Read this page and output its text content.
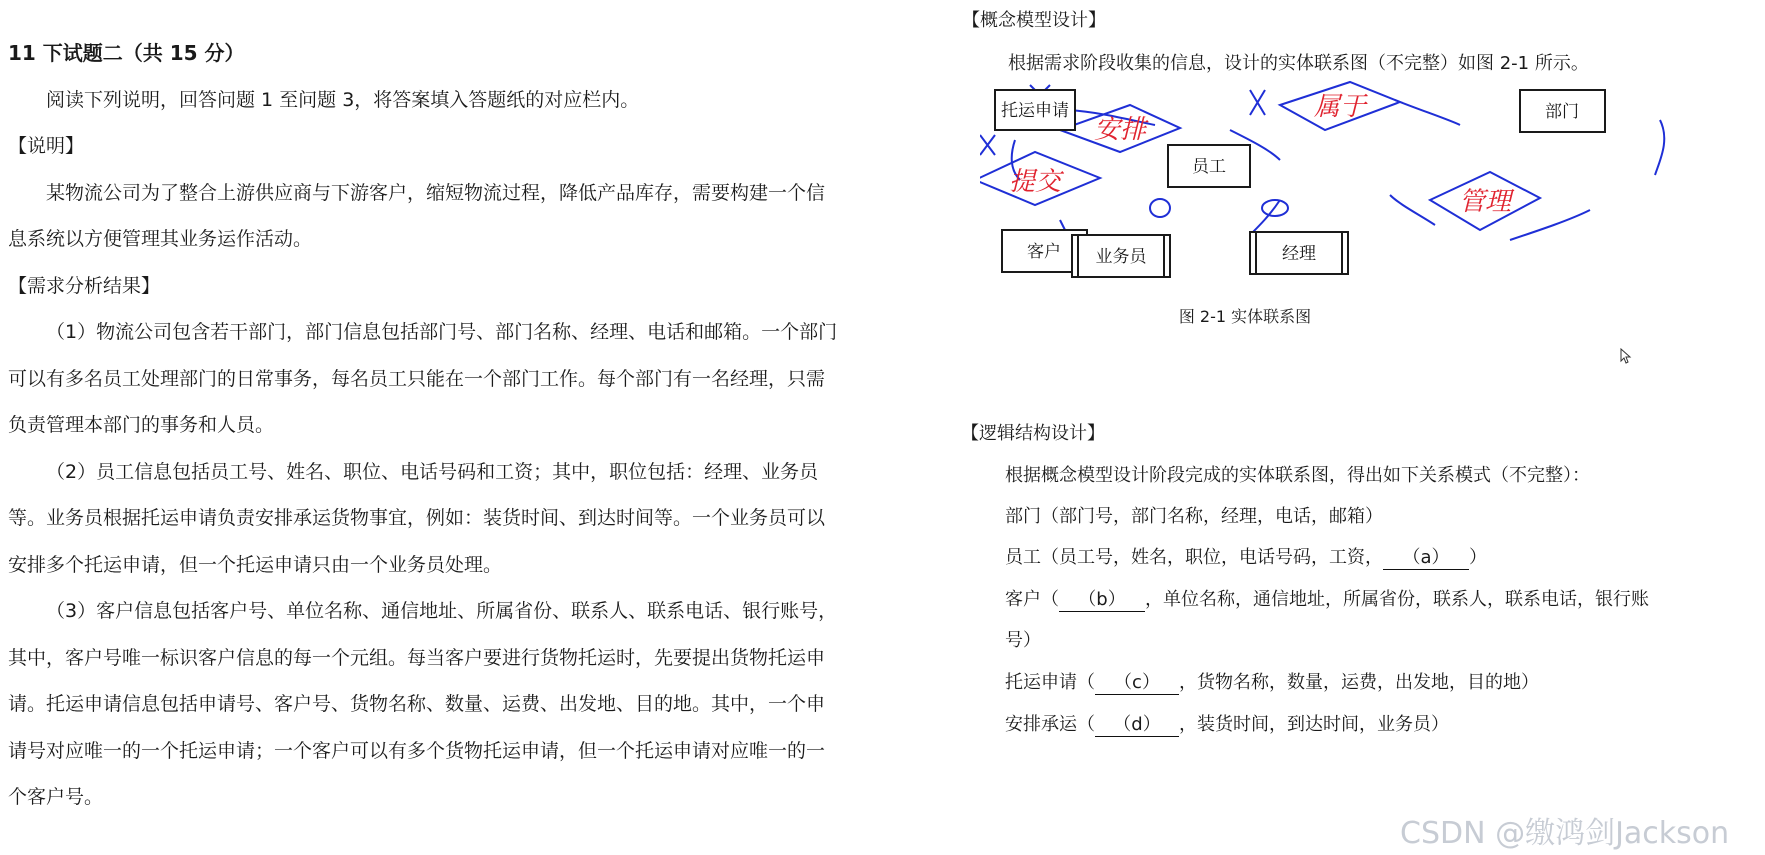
11 下试题二（共 15 分）

阅读下列说明，回答问题 1 至问题 3，将答案填入答题纸的对应栏内。

【说明】

某物流公司为了整合上游供应商与下游客户，缩短物流过程，降低产品库存，需要构建一个信息系统以方便管理其业务运作活动。

【需求分析结果】

（1）物流公司包含若干部门，部门信息包括部门号、部门名称、经理、电话和邮箱。一个部门可以有多名员工处理部门的日常事务，每名员工只能在一个部门工作。每个部门有一名经理，只需负责管理本部门的事务和人员。

（2）员工信息包括员工号、姓名、职位、电话号码和工资；其中，职位包括：经理、业务员等。业务员根据托运申请负责安排承运货物事宜，例如：装货时间、到达时间等。一个业务员可以安排多个托运申请，但一个托运申请只由一个业务员处理。

（3）客户信息包括客户号、单位名称、通信地址、所属省份、联系人、联系电话、银行账号，其中，客户号唯一标识客户信息的每一个元组。每当客户要进行货物托运时，先要提出货物托运申请。托运申请信息包括申请号、客户号、货物名称、数量、运费、出发地、目的地。其中，一个申请号对应唯一的一个托运申请；一个客户可以有多个货物托运申请，但一个托运申请对应唯一的一个客户号。

【概念模型设计】
根据需求阶段收集的信息，设计的实体联系图（不完整）如图 2-1 所示。
托运申请	部门
员工
客户 业务员	经理
提交
安排
属于
管理
图 2-1 实体联系图
【逻辑结构设计】
根据概念模型设计阶段完成的实体联系图，得出如下关系模式（不完整）：
部门（部门号，部门名称，经理，电话，邮箱）
员工（员工号，姓名，职位，电话号码，工资， （a） ）
客户（ （b） ，单位名称，通信地址，所属省份，联系人，联系电话，银行账
号）
托运申请（ （c） ，货物名称，数量，运费，出发地，目的地）
安排承运（ （d） ，装货时间，到达时间，业务员）
CSDN @缴鸿剑Jackson
